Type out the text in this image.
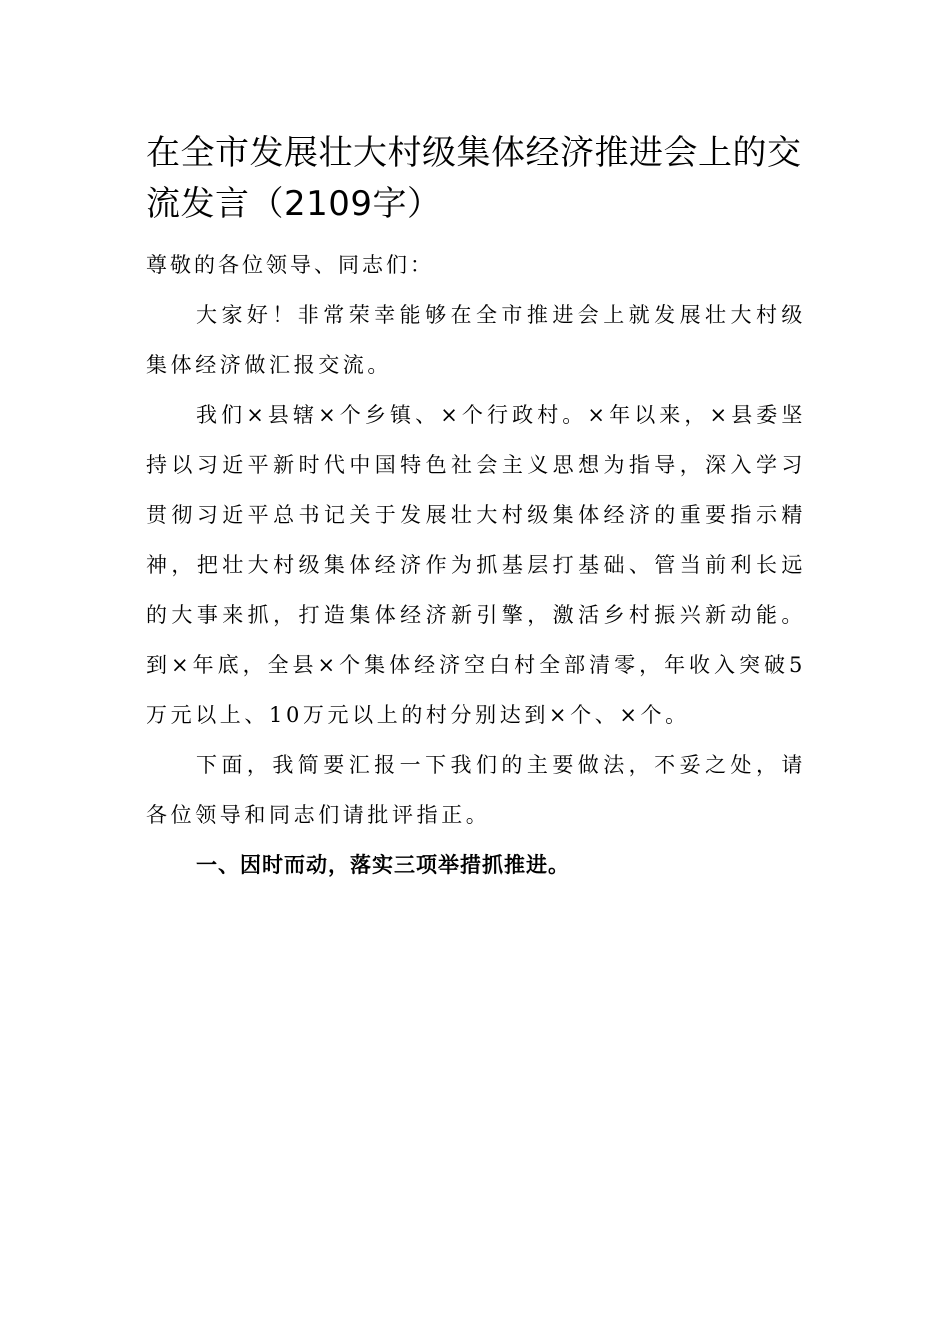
在全市发展壮大村级集体经济推进会上的交流发言（2109字）

尊敬的各位领导、同志们：

大家好！非常荣幸能够在全市推进会上就发展壮大村级集体经济做汇报交流。

我们×县辖×个乡镇、×个行政村。×年以来，×县委坚持以习近平新时代中国特色社会主义思想为指导，深入学习贯彻习近平总书记关于发展壮大村级集体经济的重要指示精神，把壮大村级集体经济作为抓基层打基础、管当前利长远的大事来抓，打造集体经济新引擎，激活乡村振兴新动能。到×年底，全县×个集体经济空白村全部清零，年收入突破5万元以上、10万元以上的村分别达到×个、×个。

下面，我简要汇报一下我们的主要做法，不妥之处，请各位领导和同志们请批评指正。

一、因时而动，落实三项举措抓推进。
